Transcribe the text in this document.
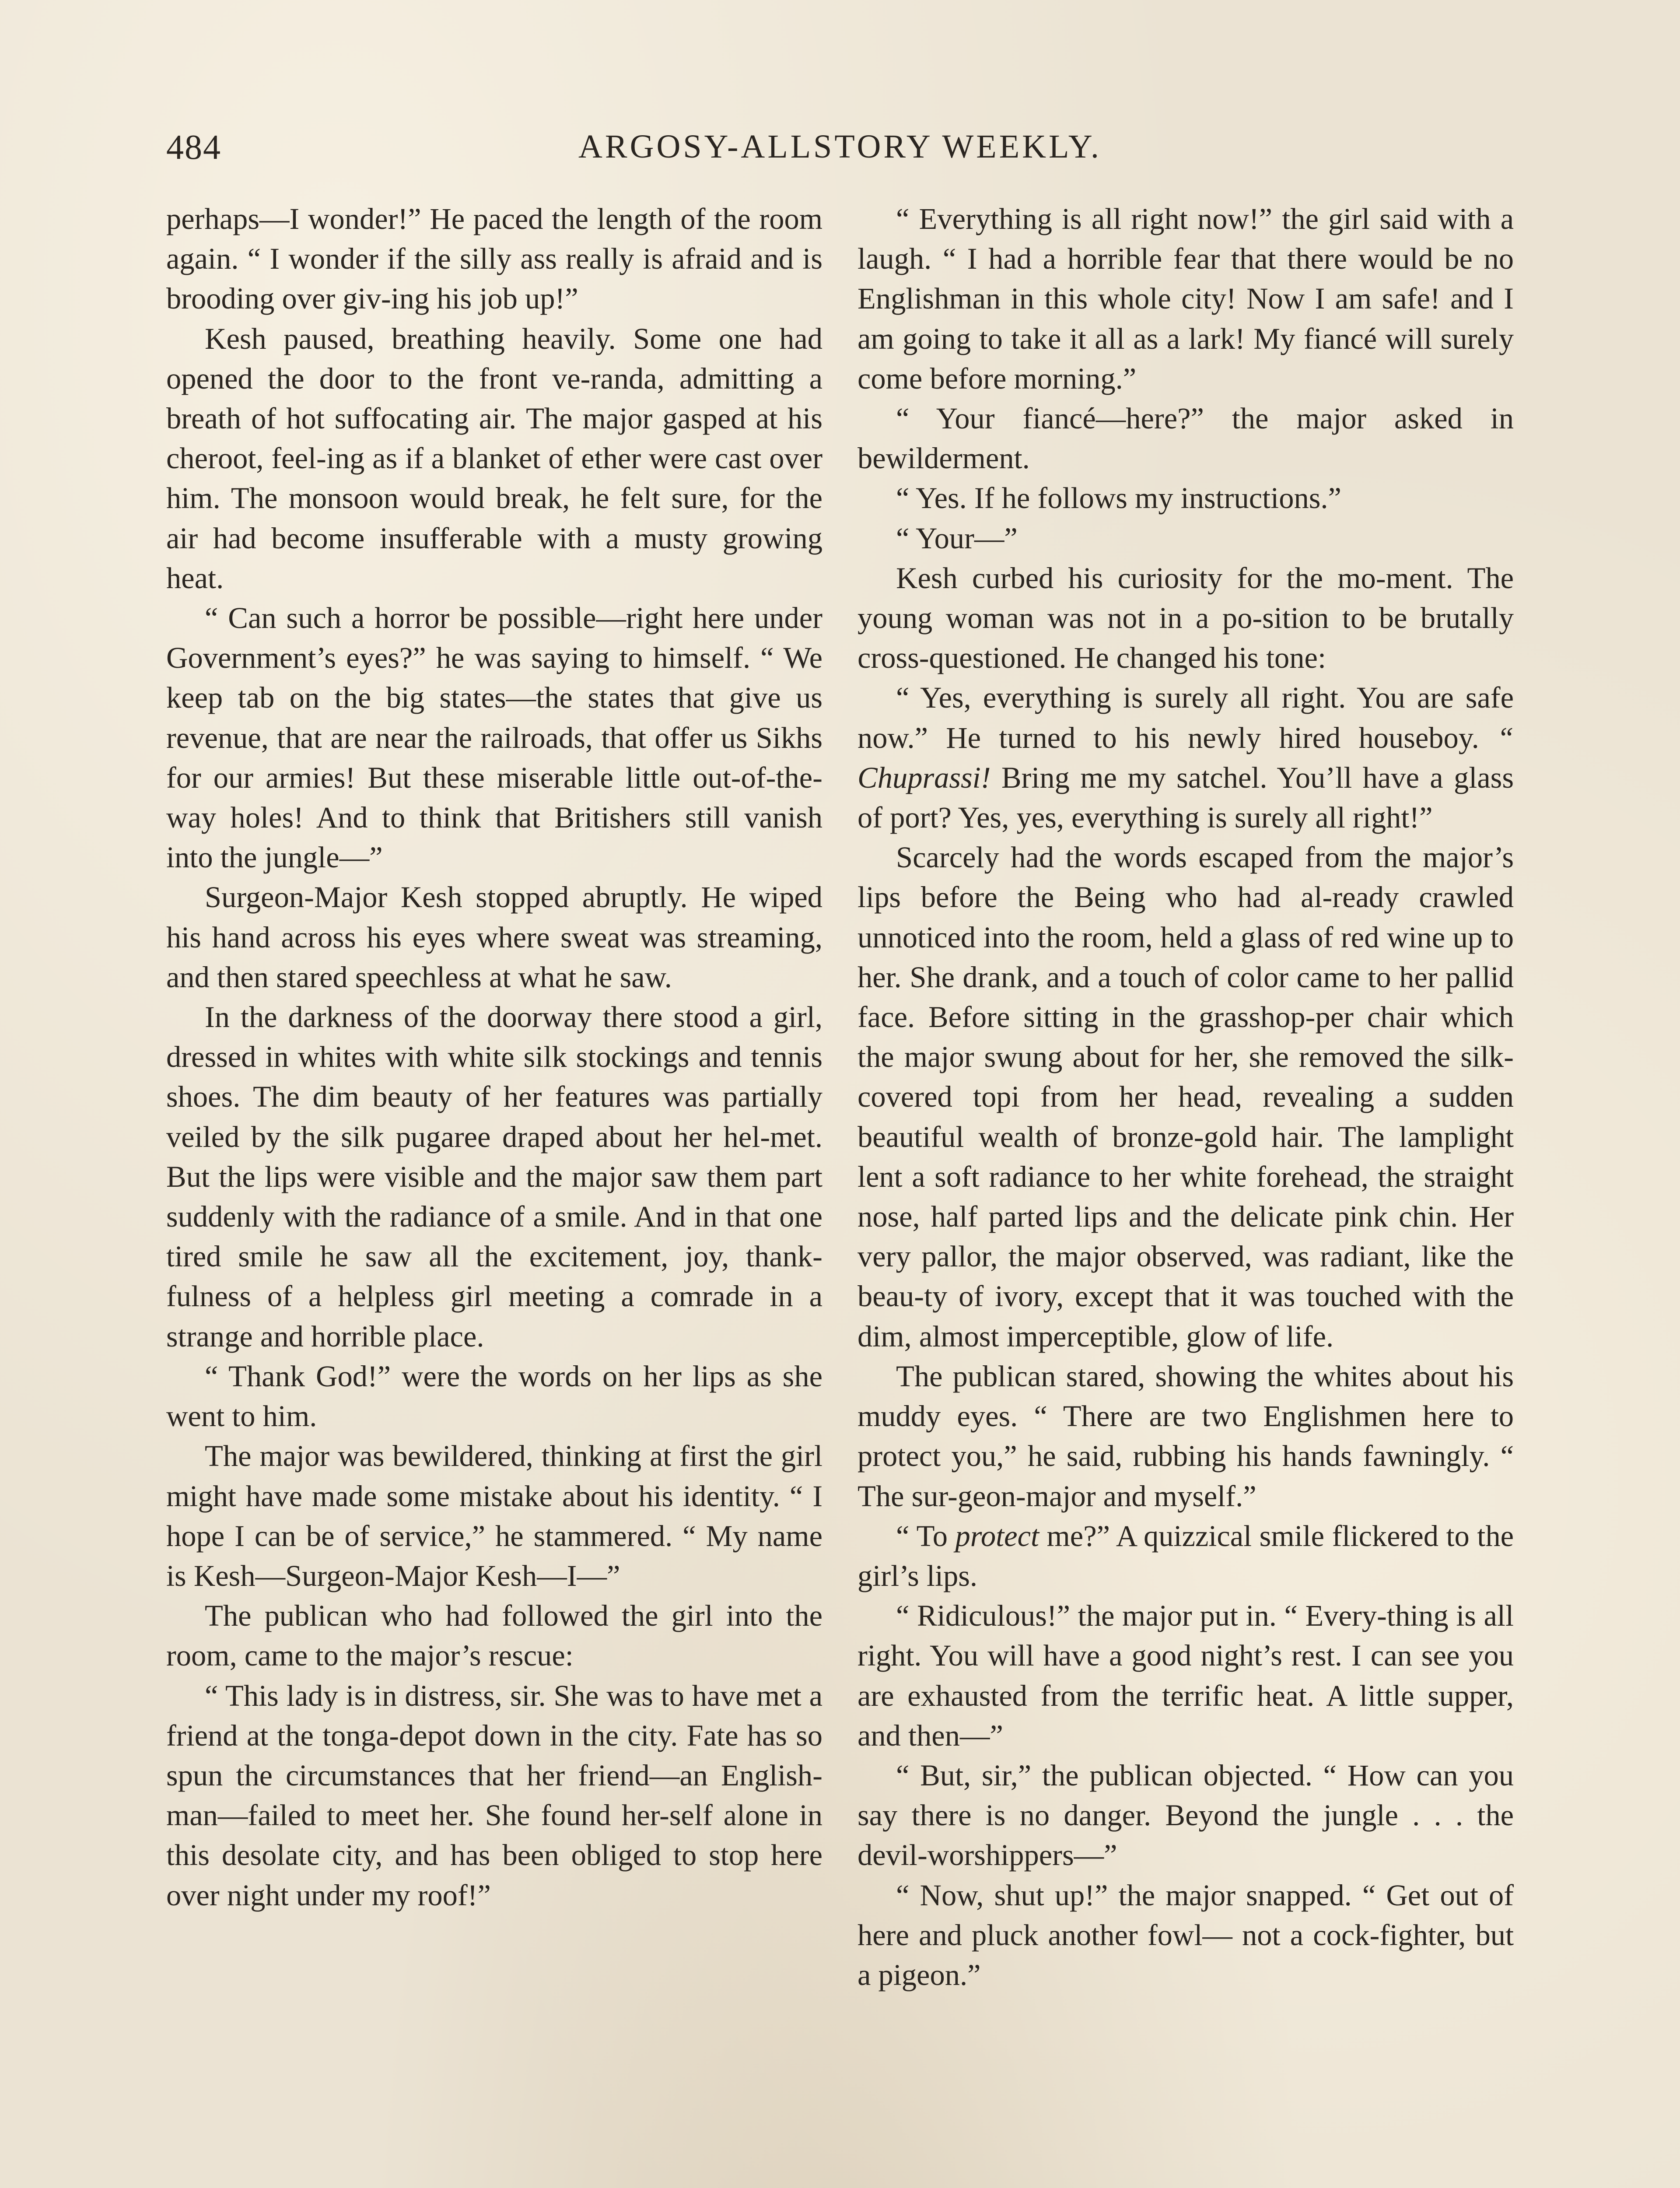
484	ARGOSY-ALLSTORY WEEKLY.

perhaps—I wonder!” He paced the length of the room again. “ I wonder if the silly ass really is afraid and is brooding over giv-ing his job up!”

Kesh paused, breathing heavily. Some one had opened the door to the front ve-randa, admitting a breath of hot suffocating air. The major gasped at his cheroot, feel-ing as if a blanket of ether were cast over him. The monsoon would break, he felt sure, for the air had become insufferable with a musty growing heat.

“ Can such a horror be possible—right here under Government’s eyes?” he was saying to himself. “ We keep tab on the big states—the states that give us revenue, that are near the railroads, that offer us Sikhs for our armies! But these miserable little out-of-the-way holes! And to think that Britishers still vanish into the jungle—”

Surgeon-Major Kesh stopped abruptly. He wiped his hand across his eyes where sweat was streaming, and then stared speechless at what he saw.

In the darkness of the doorway there stood a girl, dressed in whites with white silk stockings and tennis shoes. The dim beauty of her features was partially veiled by the silk pugaree draped about her hel-met. But the lips were visible and the major saw them part suddenly with the radiance of a smile. And in that one tired smile he saw all the excitement, joy, thank-fulness of a helpless girl meeting a comrade in a strange and horrible place.

“ Thank God!” were the words on her lips as she went to him.

The major was bewildered, thinking at first the girl might have made some mistake about his identity. “ I hope I can be of service,” he stammered. “ My name is Kesh—Surgeon-Major Kesh—I—”

The publican who had followed the girl into the room, came to the major’s rescue:

“ This lady is in distress, sir. She was to have met a friend at the tonga-depot down in the city. Fate has so spun the circumstances that her friend—an English-man—failed to meet her. She found her-self alone in this desolate city, and has been obliged to stop here over night under my roof!”

“ Everything is all right now!” the girl said with a laugh. “ I had a horrible fear that there would be no Englishman in this whole city! Now I am safe! and I am going to take it all as a lark! My fiancé will surely come before morning.”

“ Your fiancé—here?” the major asked in bewilderment.

“ Yes. If he follows my instructions.”

“ Your—”

Kesh curbed his curiosity for the mo-ment. The young woman was not in a po-sition to be brutally cross-questioned. He changed his tone:

“ Yes, everything is surely all right. You are safe now.” He turned to his newly hired houseboy. “ Chuprassi! Bring me my satchel. You’ll have a glass of port? Yes, yes, everything is surely all right!”

Scarcely had the words escaped from the major’s lips before the Being who had al-ready crawled unnoticed into the room, held a glass of red wine up to her. She drank, and a touch of color came to her pallid face. Before sitting in the grasshop-per chair which the major swung about for her, she removed the silk-covered topi from her head, revealing a sudden beautiful wealth of bronze-gold hair. The lamplight lent a soft radiance to her white forehead, the straight nose, half parted lips and the delicate pink chin. Her very pallor, the major observed, was radiant, like the beau-ty of ivory, except that it was touched with the dim, almost imperceptible, glow of life.

The publican stared, showing the whites about his muddy eyes. “ There are two Englishmen here to protect you,” he said, rubbing his hands fawningly. “ The sur-geon-major and myself.”

“ To protect me?” A quizzical smile flickered to the girl’s lips.

“ Ridiculous!” the major put in. “ Every-thing is all right. You will have a good night’s rest. I can see you are exhausted from the terrific heat. A little supper, and then—”

“ But, sir,” the publican objected. “ How can you say there is no danger. Beyond the jungle . . . the devil-worshippers—”

“ Now, shut up!” the major snapped. “ Get out of here and pluck another fowl— not a cock-fighter, but a pigeon.”
